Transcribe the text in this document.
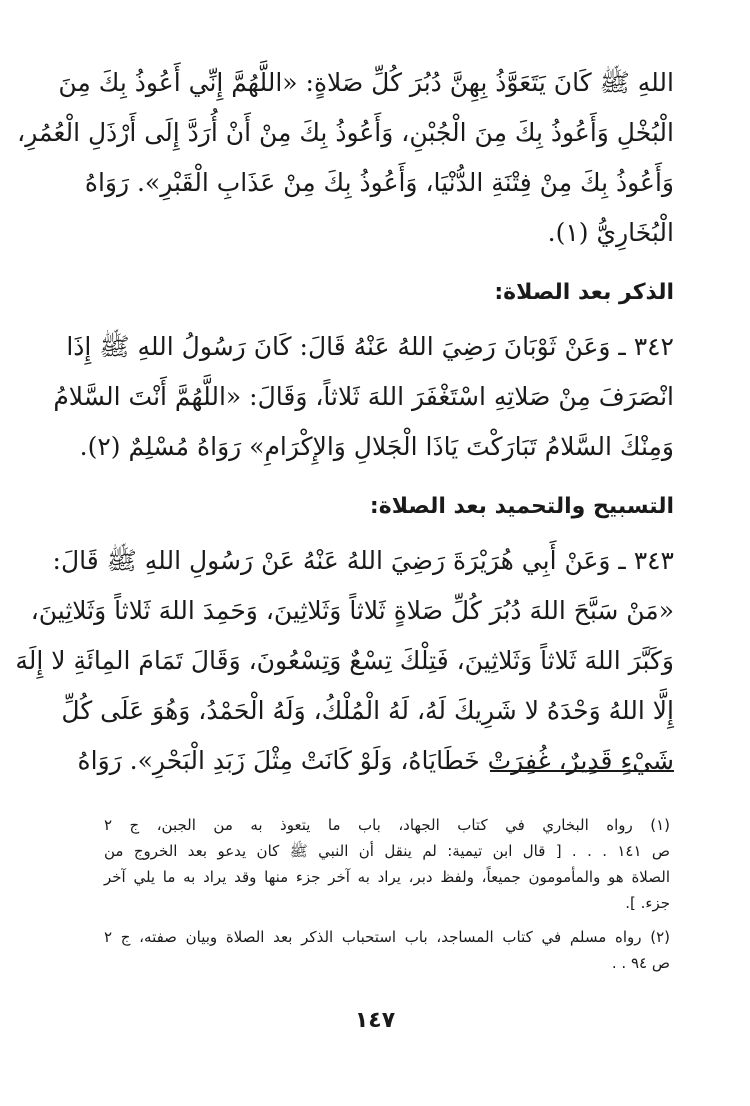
اللهِ ﷺ كَانَ يَتَعَوَّذُ بِهِنَّ دُبُرَ كُلِّ صَلاةٍ: «اللَّهُمَّ إِنِّي أَعُوذُ بِكَ مِنَ
الْبُخْلِ وَأَعُوذُ بِكَ مِنَ الْجُبْنِ، وَأَعُوذُ بِكَ مِنْ أَنْ أُرَدَّ إِلَى أَرْذَلِ الْعُمُرِ،
وَأَعُوذُ بِكَ مِنْ فِتْنَةِ الدُّنْيَا، وَأَعُوذُ بِكَ مِنْ عَذَابِ الْقَبْرِ». رَوَاهُ
الْبُخَارِيُّ (١).
الذكر بعد الصلاة:
٣٤٢ ـ وَعَنْ ثَوْبَانَ رَضِيَ اللهُ عَنْهُ قَالَ: كَانَ رَسُولُ اللهِ ﷺ إِذَا
انْصَرَفَ مِنْ صَلاتِهِ اسْتَغْفَرَ اللهَ ثَلاثاً، وَقَالَ: «اللَّهُمَّ أَنْتَ السَّلامُ
وَمِنْكَ السَّلامُ تَبَارَكْتَ يَاذَا الْجَلالِ وَالإِكْرَامِ» رَوَاهُ مُسْلِمٌ (٢).
التسبيح والتحميد بعد الصلاة:
٣٤٣ ـ وَعَنْ أَبِي هُرَيْرَةَ رَضِيَ اللهُ عَنْهُ عَنْ رَسُولِ اللهِ ﷺ قَالَ:
«مَنْ سَبَّحَ اللهَ دُبُرَ كُلِّ صَلاةٍ ثَلاثاً وَثَلاثِينَ، وَحَمِدَ اللهَ ثَلاثاً وَثَلاثِينَ،
وَكَبَّرَ اللهَ ثَلاثاً وَثَلاثِينَ، فَتِلْكَ تِسْعٌ وَتِسْعُونَ، وَقَالَ تَمَامَ المِائَةِ لا إِلَهَ
إِلَّا اللهُ وَحْدَهُ لا شَرِيكَ لَهُ، لَهُ الْمُلْكُ، وَلَهُ الْحَمْدُ، وَهُوَ عَلَى كُلِّ
شَيْءٍ قَدِيرٌ، غُفِرَتْ خَطَايَاهُ، وَلَوْ كَانَتْ مِثْلَ زَبَدِ الْبَحْرِ». رَوَاهُ
(١) رواه البخاري في كتاب الجهاد، باب ما يتعوذ به من الجبن، ج ٢
ص ١٤١ . . . [ قال ابن تيمية: لم ينقل أن النبي ﷺ كان يدعو بعد الخروج من
الصلاة هو والمأمومون جميعاً، ولفظ دبر، يراد به آخر جزء منها وقد يراد به ما يلي آخر
جزء. ].
(٢) رواه مسلم في كتاب المساجد، باب استحباب الذكر بعد الصلاة وبيان صفته، ج ٢
ص ٩٤ . .
١٤٧
